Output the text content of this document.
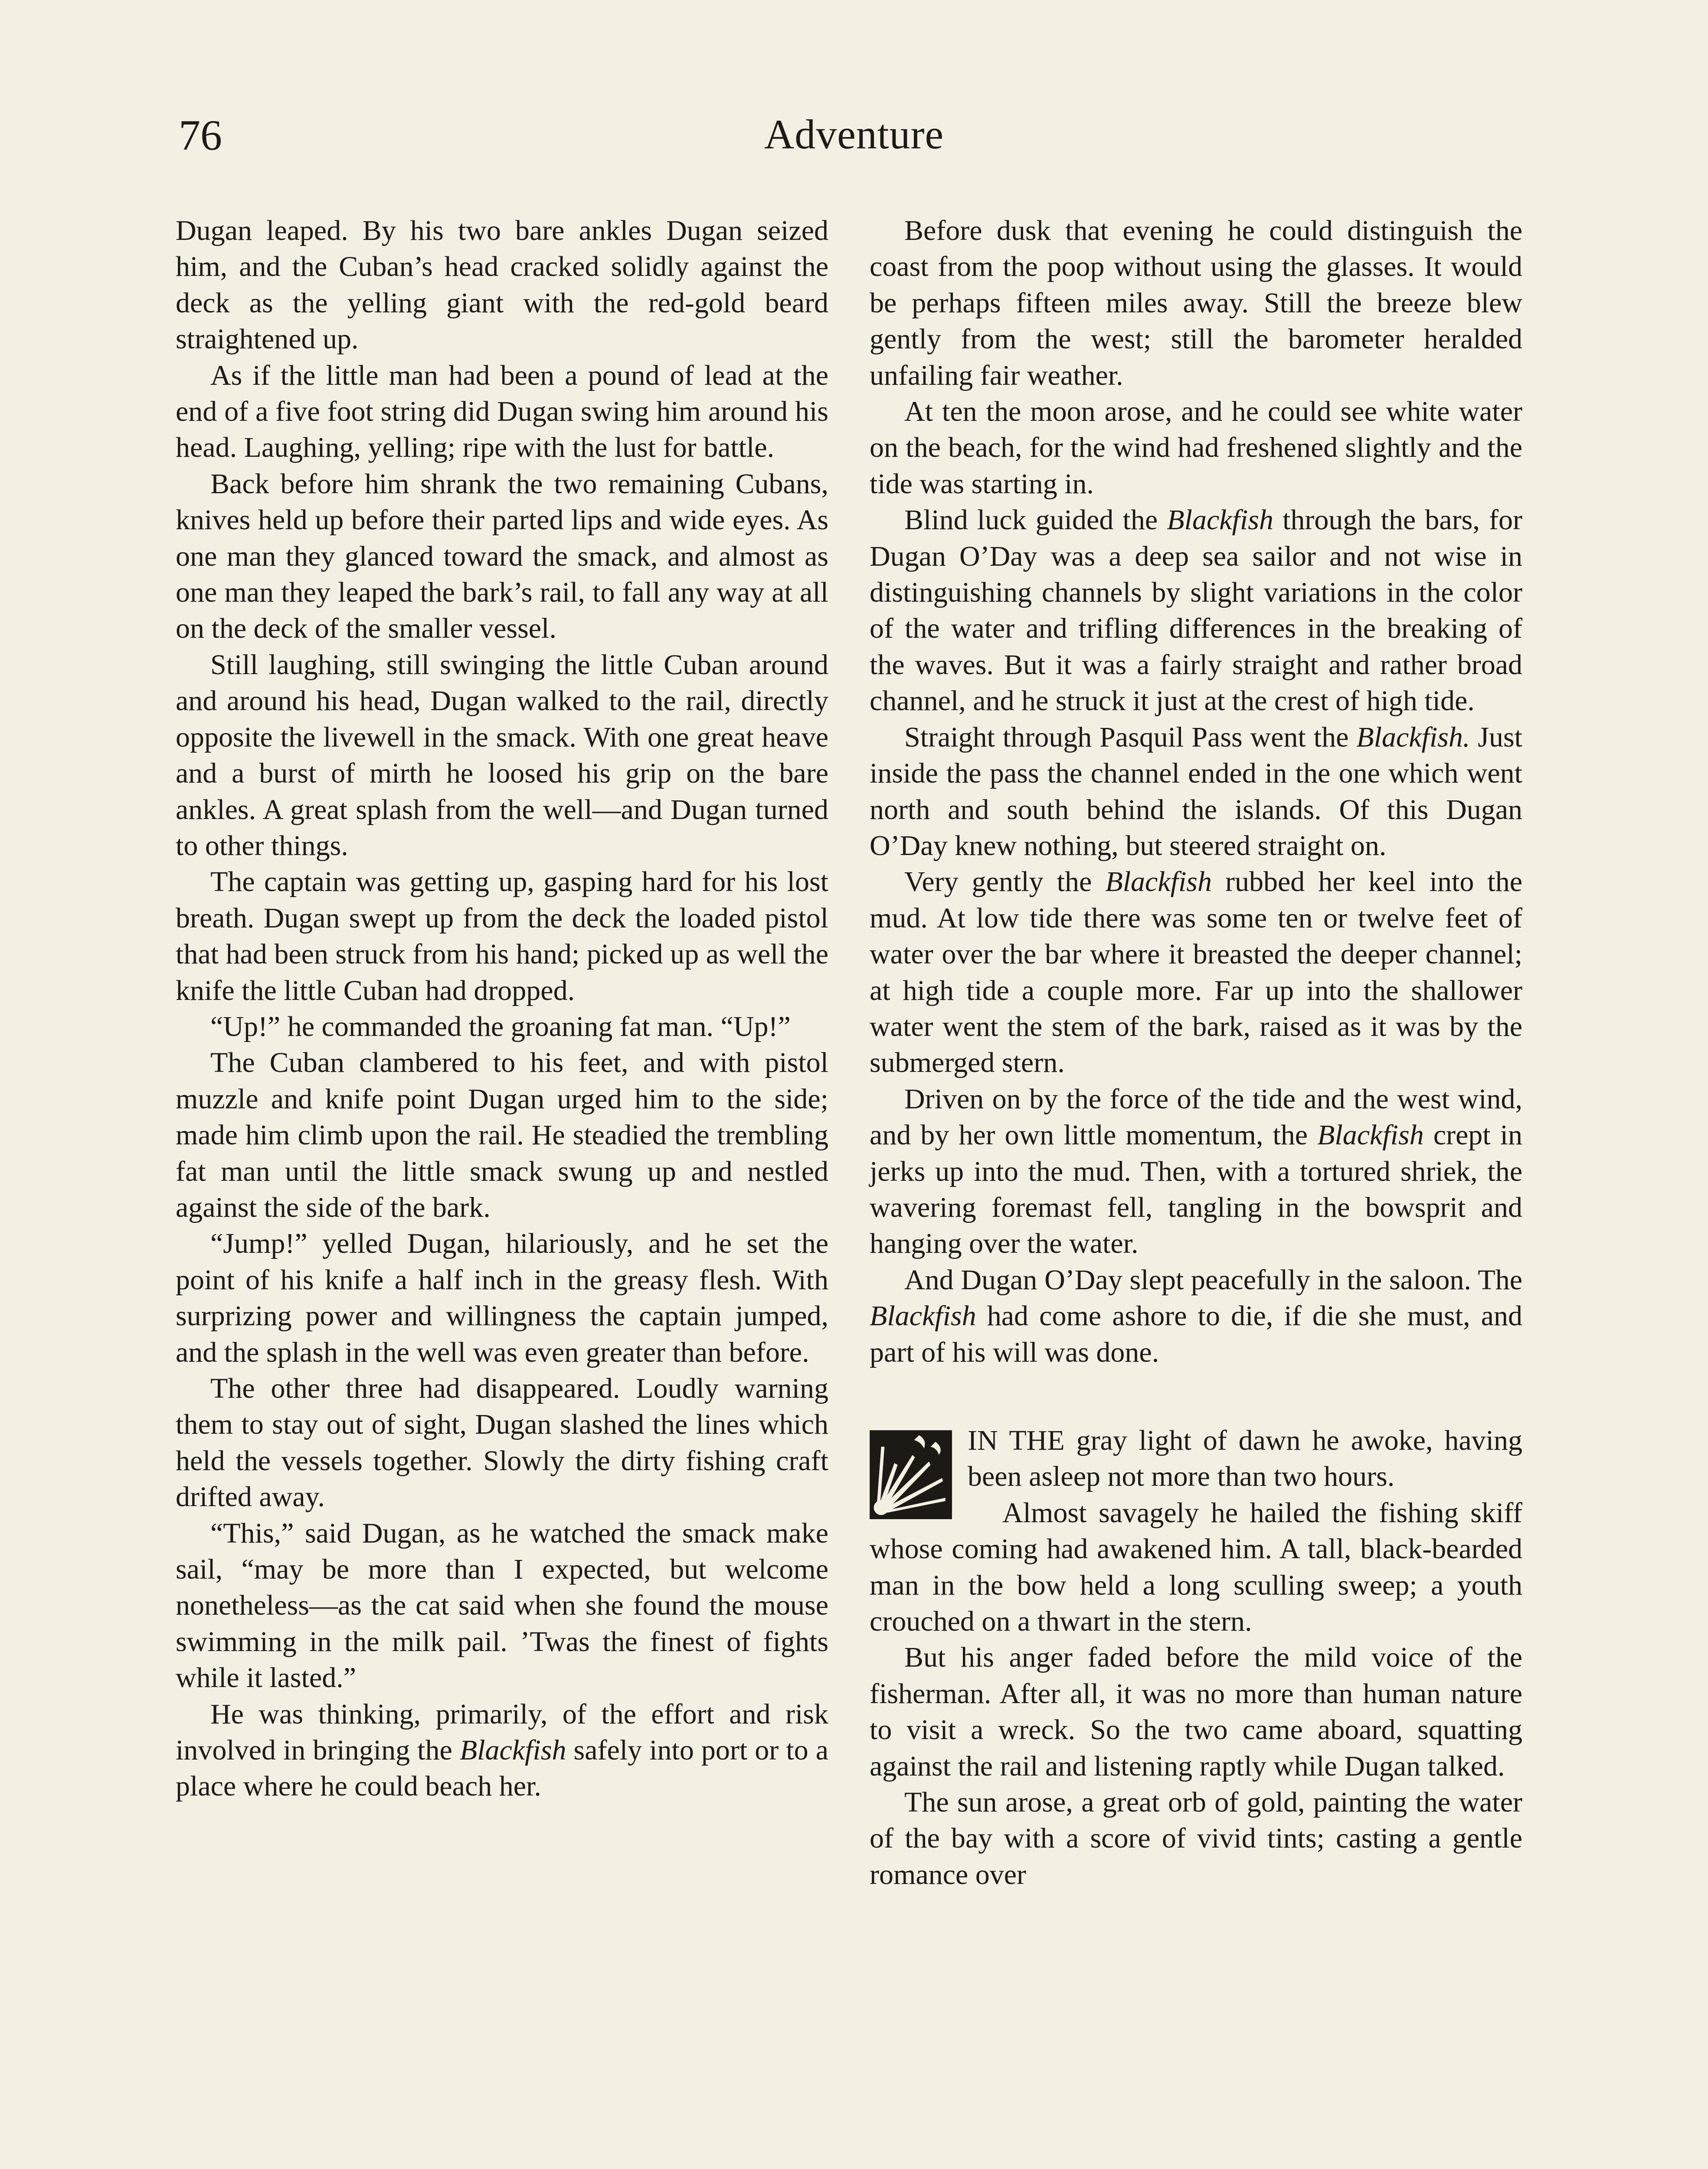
76	Adventure

Dugan leaped. By his two bare ankles Dugan seized him, and the Cuban’s head cracked solidly against the deck as the yelling giant with the red-gold beard straightened up.

As if the little man had been a pound of lead at the end of a five foot string did Dugan swing him around his head. Laughing, yelling; ripe with the lust for battle.

Back before him shrank the two remaining Cubans, knives held up before their parted lips and wide eyes. As one man they glanced toward the smack, and almost as one man they leaped the bark’s rail, to fall any way at all on the deck of the smaller vessel.

Still laughing, still swinging the little Cuban around and around his head, Dugan walked to the rail, directly opposite the livewell in the smack. With one great heave and a burst of mirth he loosed his grip on the bare ankles. A great splash from the well—and Dugan turned to other things.

The captain was getting up, gasping hard for his lost breath. Dugan swept up from the deck the loaded pistol that had been struck from his hand; picked up as well the knife the little Cuban had dropped.

“Up!” he commanded the groaning fat man. “Up!”

The Cuban clambered to his feet, and with pistol muzzle and knife point Dugan urged him to the side; made him climb upon the rail. He steadied the trembling fat man until the little smack swung up and nestled against the side of the bark.

“Jump!” yelled Dugan, hilariously, and he set the point of his knife a half inch in the greasy flesh. With surprizing power and willingness the captain jumped, and the splash in the well was even greater than before.

The other three had disappeared. Loudly warning them to stay out of sight, Dugan slashed the lines which held the vessels together. Slowly the dirty fishing craft drifted away.

“This,” said Dugan, as he watched the smack make sail, “may be more than I expected, but welcome nonetheless—as the cat said when she found the mouse swimming in the milk pail. ’Twas the finest of fights while it lasted.”

He was thinking, primarily, of the effort and risk involved in bringing the Blackfish safely into port or to a place where he could beach her.

Before dusk that evening he could distinguish the coast from the poop without using the glasses. It would be perhaps fifteen miles away. Still the breeze blew gently from the west; still the barometer heralded unfailing fair weather.

At ten the moon arose, and he could see white water on the beach, for the wind had freshened slightly and the tide was starting in.

Blind luck guided the Blackfish through the bars, for Dugan O’Day was a deep sea sailor and not wise in distinguishing channels by slight variations in the color of the water and trifling differences in the breaking of the waves. But it was a fairly straight and rather broad channel, and he struck it just at the crest of high tide.

Straight through Pasquil Pass went the Blackfish. Just inside the pass the channel ended in the one which went north and south behind the islands. Of this Dugan O’Day knew nothing, but steered straight on.

Very gently the Blackfish rubbed her keel into the mud. At low tide there was some ten or twelve feet of water over the bar where it breasted the deeper channel; at high tide a couple more. Far up into the shallower water went the stem of the bark, raised as it was by the submerged stern.

Driven on by the force of the tide and the west wind, and by her own little momentum, the Blackfish crept in jerks up into the mud. Then, with a tortured shriek, the wavering foremast fell, tangling in the bowsprit and hanging over the water.

And Dugan O’Day slept peacefully in the saloon. The Blackfish had come ashore to die, if die she must, and part of his will was done.

IN THE gray light of dawn he awoke, having been asleep not more than two hours.

Almost savagely he hailed the fishing skiff whose coming had awakened him. A tall, black-bearded man in the bow held a long sculling sweep; a youth crouched on a thwart in the stern.

But his anger faded before the mild voice of the fisherman. After all, it was no more than human nature to visit a wreck. So the two came aboard, squatting against the rail and listening raptly while Dugan talked.

The sun arose, a great orb of gold, painting the water of the bay with a score of vivid tints; casting a gentle romance over
